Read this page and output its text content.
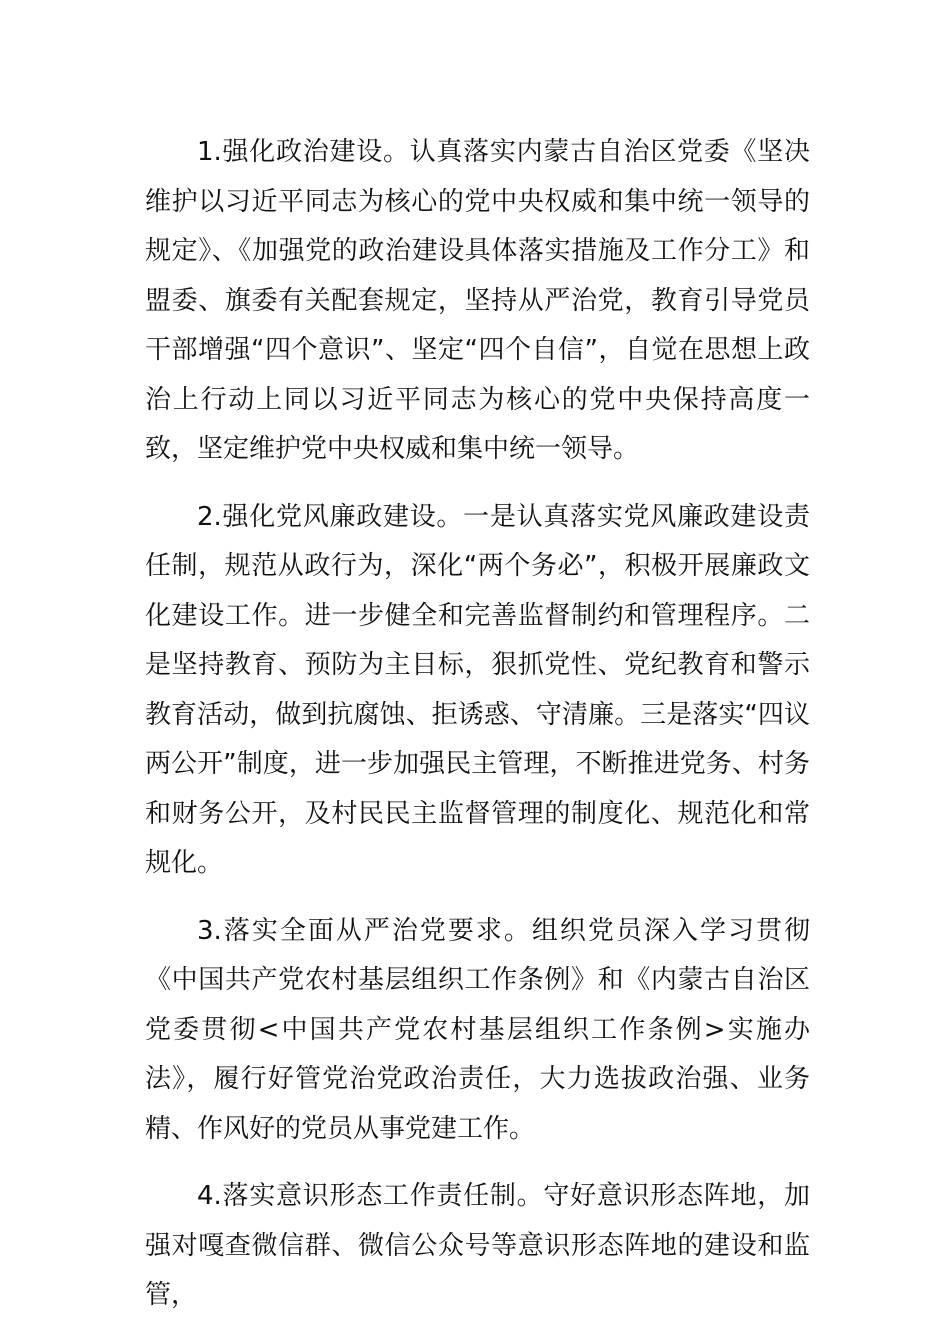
1.强化政治建设。认真落实内蒙古自治区党委《坚决维护以习近平同志为核心的党中央权威和集中统一领导的规定》、《加强党的政治建设具体落实措施及工作分工》和盟委、旗委有关配套规定，坚持从严治党，教育引导党员干部增强“四个意识”、坚定“四个自信”，自觉在思想上政治上行动上同以习近平同志为核心的党中央保持高度一致，坚定维护党中央权威和集中统一领导。

2.强化党风廉政建设。一是认真落实党风廉政建设责任制，规范从政行为，深化“两个务必”，积极开展廉政文化建设工作。进一步健全和完善监督制约和管理程序。二是坚持教育、预防为主目标，狠抓党性、党纪教育和警示教育活动，做到抗腐蚀、拒诱惑、守清廉。三是落实“四议两公开”制度，进一步加强民主管理，不断推进党务、村务和财务公开，及村民民主监督管理的制度化、规范化和常规化。

3.落实全面从严治党要求。组织党员深入学习贯彻《中国共产党农村基层组织工作条例》和《内蒙古自治区党委贯彻<中国共产党农村基层组织工作条例>实施办法》，履行好管党治党政治责任，大力选拔政治强、业务精、作风好的党员从事党建工作。

4.落实意识形态工作责任制。守好意识形态阵地，加强对嘎查微信群、微信公众号等意识形态阵地的建设和监管，
